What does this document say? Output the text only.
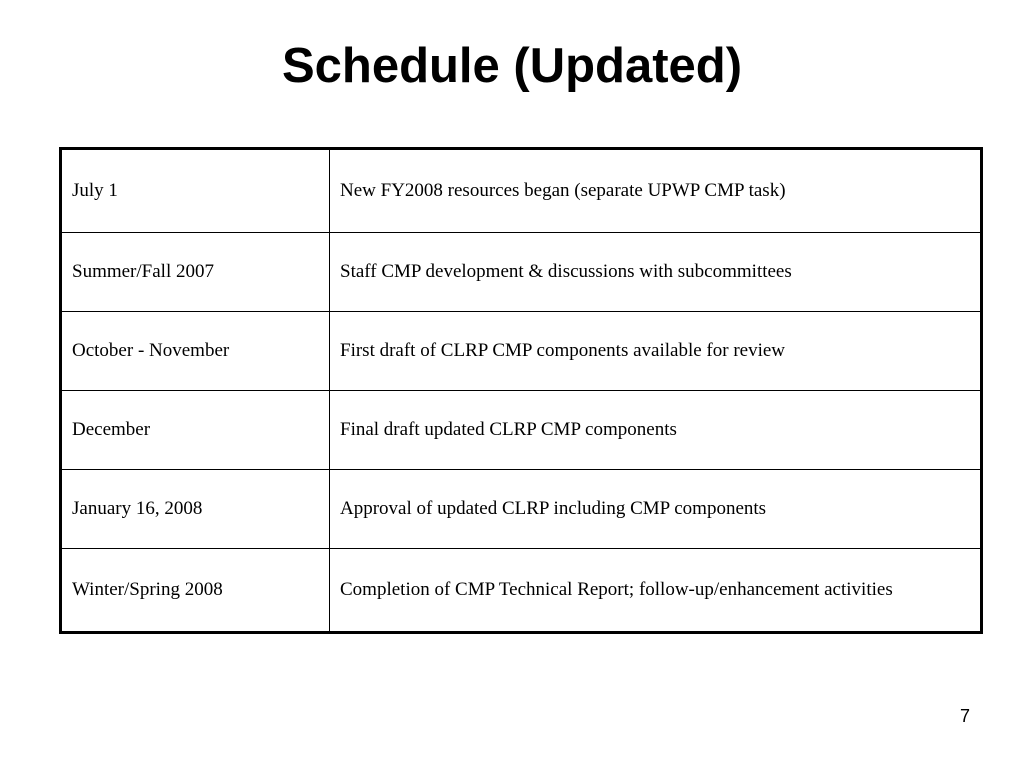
Schedule (Updated)
July 1	New FY2008 resources began (separate UPWP CMP task)
Summer/Fall 2007	Staff CMP development & discussions with subcommittees
October - November	First draft of CLRP CMP components available for review
December	Final draft updated CLRP CMP components
January 16, 2008	Approval of updated CLRP including CMP components
Winter/Spring 2008	Completion of CMP Technical Report; follow-up/enhancement activities
7
